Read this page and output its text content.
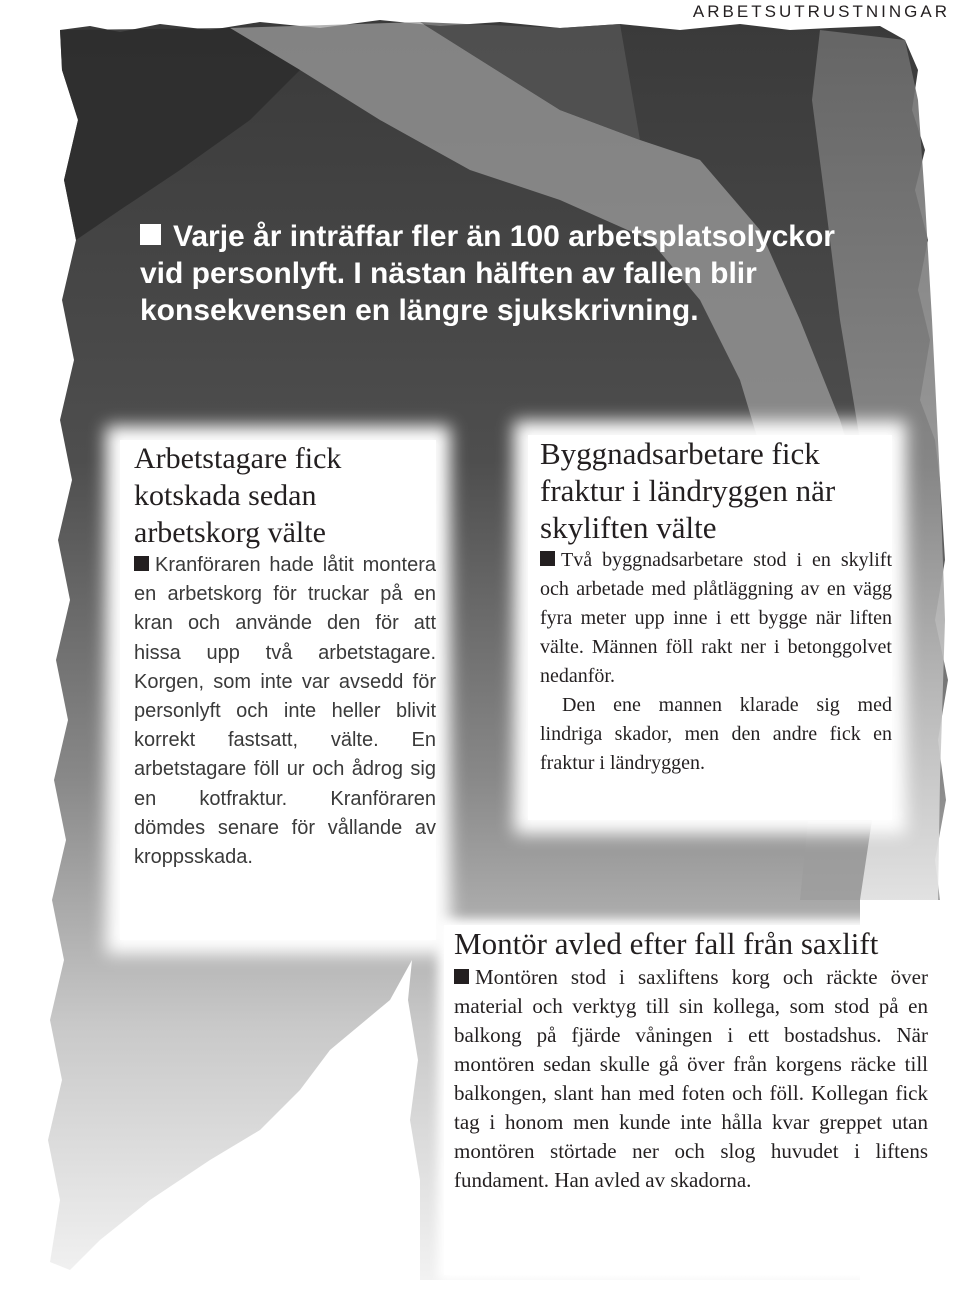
ARBETSUTRUSTNINGAR
Varje år inträffar fler än 100 arbetsplatsolyckor vid personlyft. I nästan hälften av fallen blir konsekvensen en längre sjukskrivning.
Arbetstagare fick kotskada sedan arbetskorg välte

Kranföraren hade låtit montera en arbetskorg för truckar på en kran och använde den för att hissa upp två arbetstagare. Korgen, som inte var avsedd för personlyft och inte heller blivit korrekt fastsatt, välte. En arbetstagare föll ur och ådrog sig en kotfraktur. Kranföraren dömdes senare för vållande av kroppsskada.

Byggnadsarbetare fick fraktur i ländryggen när skyliften välte

Två byggnadsarbetare stod i en skylift och arbetade med plåtläggning av en vägg fyra meter upp inne i ett bygge när liften välte. Männen föll rakt ner i betonggolvet nedanför.

Den ene mannen klarade sig med lindriga skador, men den andre fick en fraktur i ländryggen.

Montör avled efter fall från saxlift

Montören stod i saxliftens korg och räckte över material och verktyg till sin kollega, som stod på en balkong på fjärde våningen i ett bostadshus. När montören sedan skulle gå över från korgens räcke till balkongen, slant han med foten och föll. Kollegan fick tag i honom men kunde inte hålla kvar greppet utan montören störtade ner och slog huvudet i liftens fundament. Han avled av skadorna.
